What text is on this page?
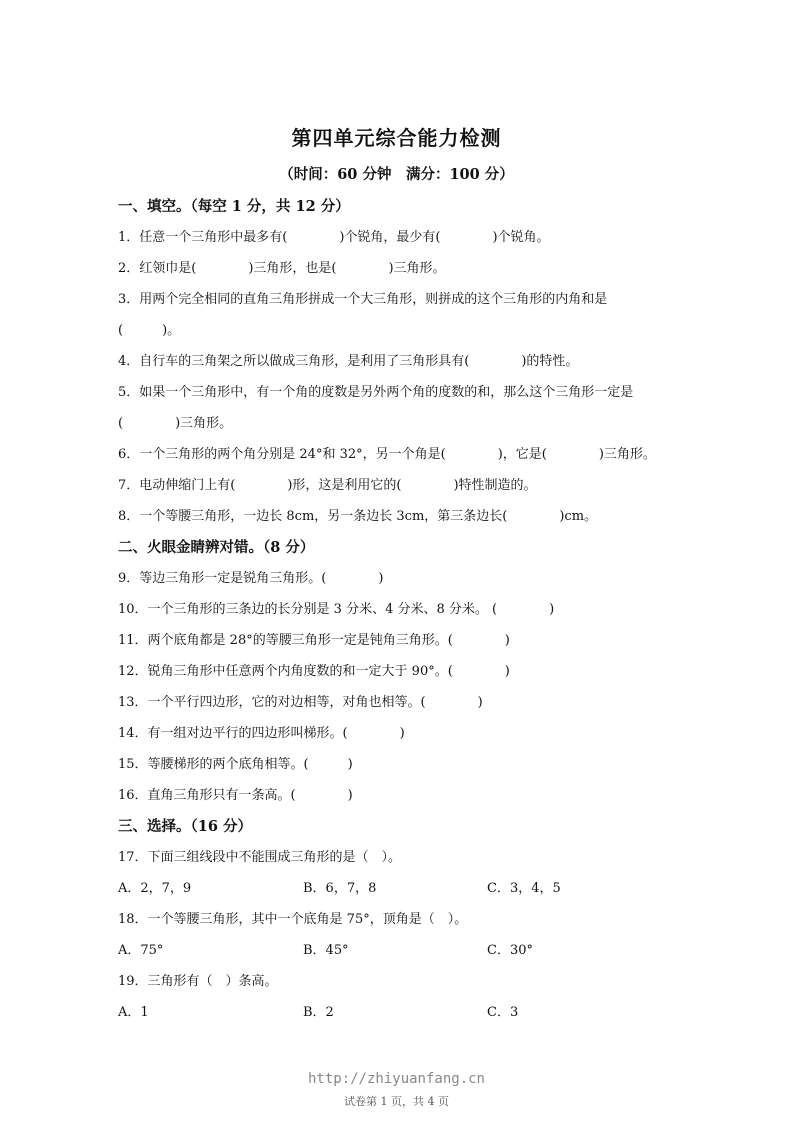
第四单元综合能力检测
（时间：60 分钟　满分：100 分）
一、填空。（每空 1 分，共 12 分）
1．任意一个三角形中最多有(　　　　)个锐角，最少有(　　　　)个锐角。
2．红领巾是(　　　　)三角形，也是(　　　　)三角形。
3．用两个完全相同的直角三角形拼成一个大三角形，则拼成的这个三角形的内角和是
(　　　)。
4．自行车的三角架之所以做成三角形，是利用了三角形具有(　　　　)的特性。
5．如果一个三角形中，有一个角的度数是另外两个角的度数的和，那么这个三角形一定是
(　　　　)三角形。
6．一个三角形的两个角分别是 24°和 32°，另一个角是(　　　　)，它是(　　　　)三角形。
7．电动伸缩门上有(　　　　)形，这是利用它的(　　　　)特性制造的。
8．一个等腰三角形，一边长 8cm，另一条边长 3cm，第三条边长(　　　　)cm。
二、火眼金睛辨对错。（8 分）
9．等边三角形一定是锐角三角形。(　　　　)
10．一个三角形的三条边的长分别是 3 分米、4 分米、8 分米。 (　　　　)
11．两个底角都是 28°的等腰三角形一定是钝角三角形。(　　　　)
12．锐角三角形中任意两个内角度数的和一定大于 90°。(　　　　)
13．一个平行四边形，它的对边相等，对角也相等。(　　　　)
14．有一组对边平行的四边形叫梯形。(　　　　)
15．等腰梯形的两个底角相等。(　　　)
16．直角三角形只有一条高。(　　　　)
三、选择。（16 分）
17．下面三组线段中不能围成三角形的是（　）。
A．2，7，9	B．6，7，8	C．3，4，5
18．一个等腰三角形，其中一个底角是 75°，顶角是（　）。
A．75°	B．45°	C．30°
19．三角形有（　）条高。
A．1	B．2	C．3
http://zhiyuanfang.cn
试卷第 1 页，共 4 页
